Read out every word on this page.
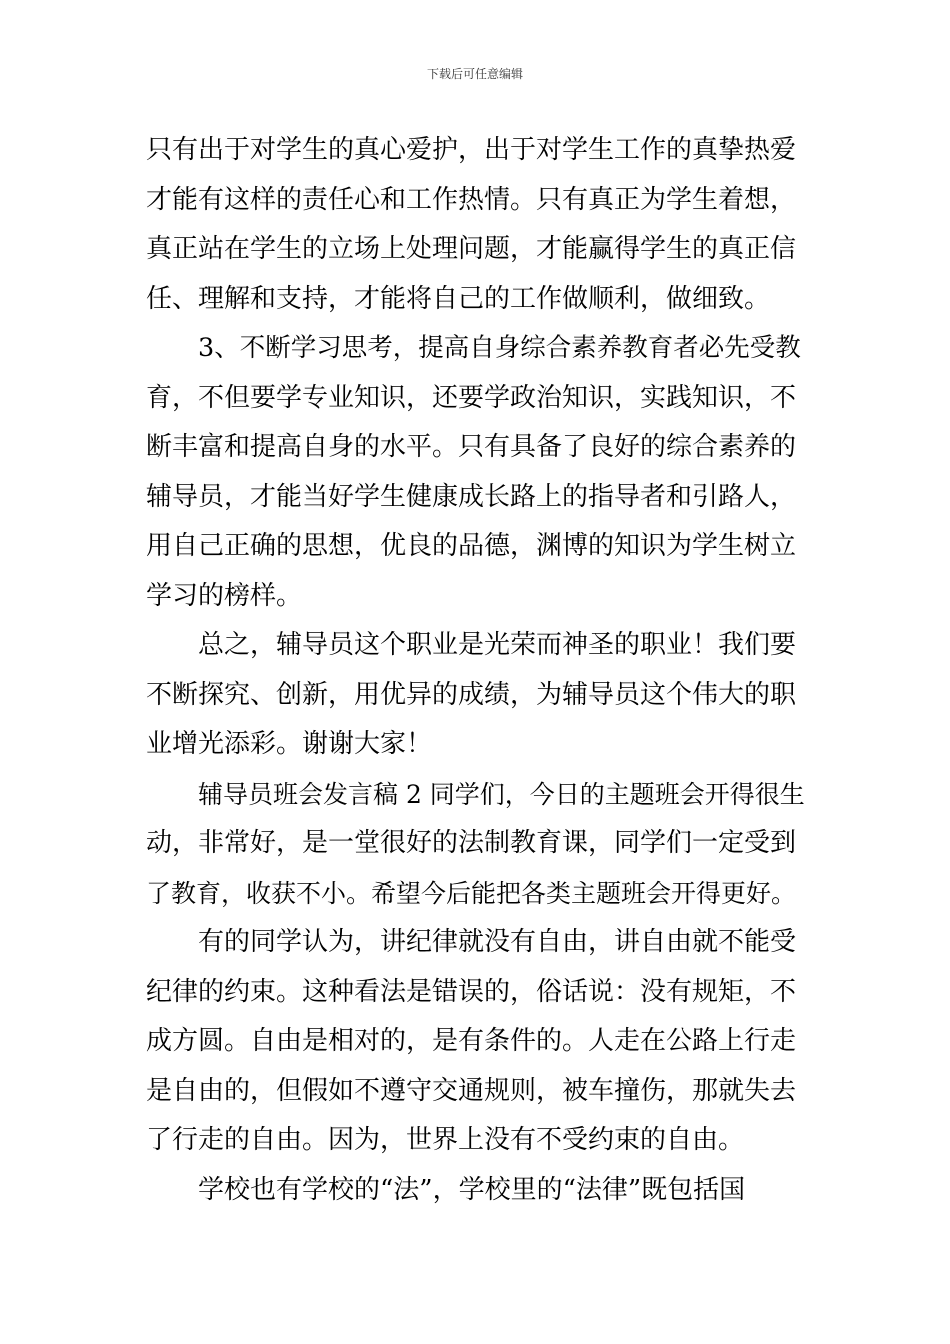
下载后可任意编辑
只有出于对学生的真心爱护，出于对学生工作的真挚热爱
才能有这样的责任心和工作热情。只有真正为学生着想，
真正站在学生的立场上处理问题，才能赢得学生的真正信
任、理解和支持，才能将自己的工作做顺利，做细致。
3、不断学习思考，提高自身综合素养教育者必先受教
育，不但要学专业知识，还要学政治知识，实践知识，不
断丰富和提高自身的水平。只有具备了良好的综合素养的
辅导员，才能当好学生健康成长路上的指导者和引路人，
用自己正确的思想，优良的品德，渊博的知识为学生树立
学习的榜样。
总之，辅导员这个职业是光荣而神圣的职业！我们要
不断探究、创新，用优异的成绩，为辅导员这个伟大的职
业增光添彩。谢谢大家！
辅导员班会发言稿 2 同学们，今日的主题班会开得很生
动，非常好，是一堂很好的法制教育课，同学们一定受到
了教育，收获不小。希望今后能把各类主题班会开得更好。
有的同学认为，讲纪律就没有自由，讲自由就不能受
纪律的约束。这种看法是错误的，俗话说：没有规矩，不
成方圆。自由是相对的，是有条件的。人走在公路上行走
是自由的，但假如不遵守交通规则，被车撞伤，那就失去
了行走的自由。因为，世界上没有不受约束的自由。
学校也有学校的“法”，学校里的“法律”既包括国
